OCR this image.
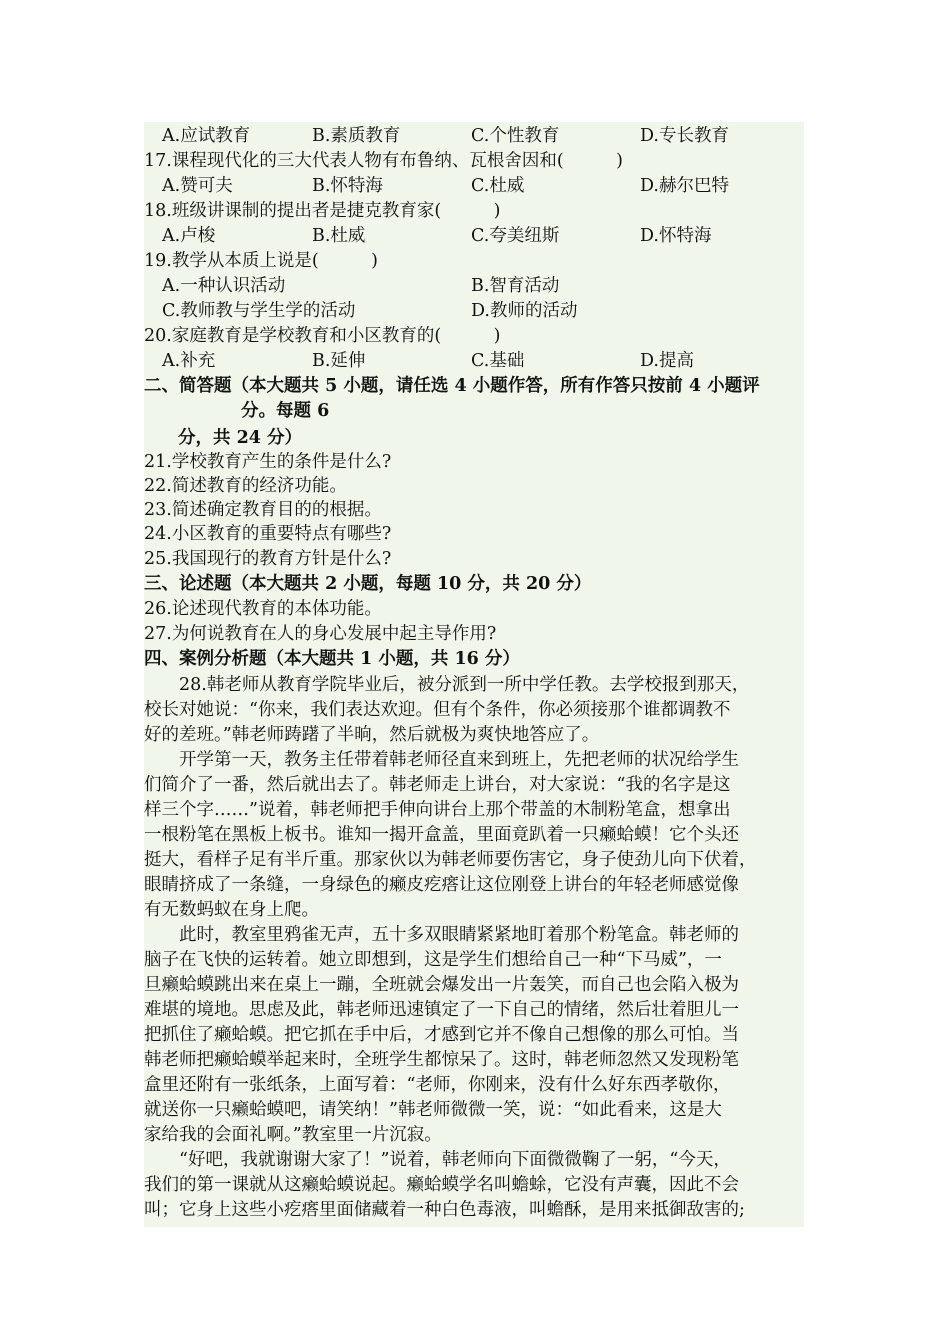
A.应试教育	B.素质教育	C.个性教育	D.专长教育
17.课程现代化的三大代表人物有布鲁纳、瓦根舍因和(　　　)
A.赞可夫	B.怀特海	C.杜威	D.赫尔巴特
18.班级讲课制的提出者是捷克教育家(　　　)
A.卢梭	B.杜威	C.夸美纽斯	D.怀特海
19.教学从本质上说是(　　　)
A.一种认识活动	B.智育活动
C.教师教与学生学的活动	D.教师的活动
20.家庭教育是学校教育和小区教育的(　　　)
A.补充	B.延伸	C.基础	D.提高
二、简答题（本大题共 5 小题，请任选 4 小题作答，所有作答只按前 4 小题评
分。每题 6
分，共 24 分）
21.学校教育产生的条件是什么?
22.简述教育的经济功能。
23.简述确定教育目的的根据。
24.小区教育的重要特点有哪些?
25.我国现行的教育方针是什么?
三、论述题（本大题共 2 小题，每题 10 分，共 20 分）
26.论述现代教育的本体功能。
27.为何说教育在人的身心发展中起主导作用?
四、案例分析题（本大题共 1 小题，共 16 分）
　　28.韩老师从教育学院毕业后，被分派到一所中学任教。去学校报到那天，
校长对她说：“你来，我们表达欢迎。但有个条件，你必须接那个谁都调教不
好的差班。”韩老师踌躇了半晌，然后就极为爽快地答应了。
　　开学第一天，教务主任带着韩老师径直来到班上，先把老师的状况给学生
们简介了一番，然后就出去了。韩老师走上讲台，对大家说：“我的名字是这
样三个字……”说着，韩老师把手伸向讲台上那个带盖的木制粉笔盒，想拿出
一根粉笔在黑板上板书。谁知一揭开盒盖，里面竟趴着一只癞蛤蟆！它个头还
挺大，看样子足有半斤重。那家伙以为韩老师要伤害它，身子使劲儿向下伏着，
眼睛挤成了一条缝，一身绿色的癞皮疙瘩让这位刚登上讲台的年轻老师感觉像
有无数蚂蚁在身上爬。
　　此时，教室里鸦雀无声，五十多双眼睛紧紧地盯着那个粉笔盒。韩老师的
脑子在飞快的运转着。她立即想到，这是学生们想给自己一种“下马威”，一
旦癞蛤蟆跳出来在桌上一蹦，全班就会爆发出一片轰笑，而自己也会陷入极为
难堪的境地。思虑及此，韩老师迅速镇定了一下自己的情绪，然后壮着胆儿一
把抓住了癞蛤蟆。把它抓在手中后，才感到它并不像自己想像的那么可怕。当
韩老师把癞蛤蟆举起来时，全班学生都惊呆了。这时，韩老师忽然又发现粉笔
盒里还附有一张纸条，上面写着：“老师，你刚来，没有什么好东西孝敬你，
就送你一只癞蛤蟆吧，请笑纳！”韩老师微微一笑，说：“如此看来，这是大
家给我的会面礼啊。”教室里一片沉寂。
　　“好吧，我就谢谢大家了！”说着，韩老师向下面微微鞠了一躬，“今天，
我们的第一课就从这癞蛤蟆说起。癞蛤蟆学名叫蟾蜍，它没有声囊，因此不会
叫；它身上这些小疙瘩里面储藏着一种白色毒液，叫蟾酥，是用来抵御敌害的;
